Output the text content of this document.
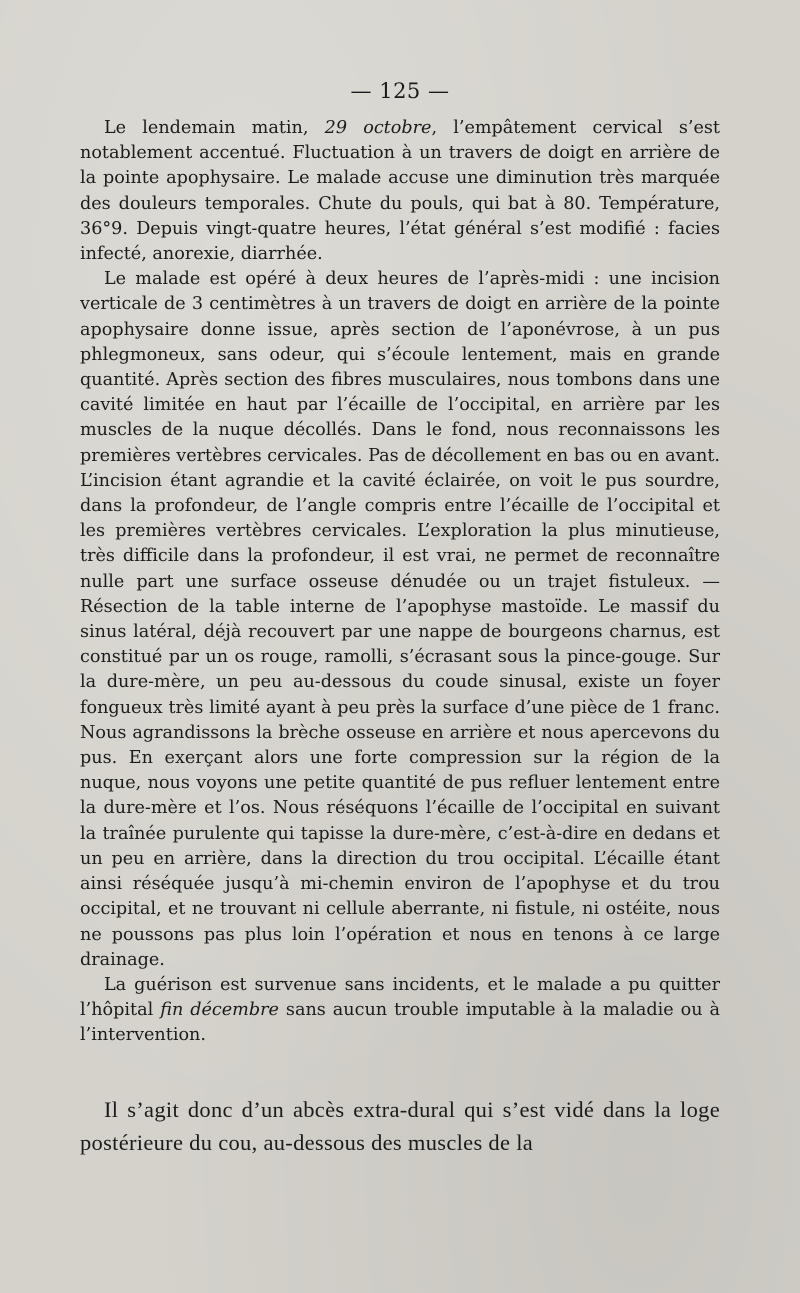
— 125 —

Le lendemain matin, 29 octobre, l’empâtement cervical s’est notablement accentué. Fluctuation à un travers de doigt en arrière de la pointe apophysaire. Le malade accuse une diminution très marquée des douleurs temporales. Chute du pouls, qui bat à 80. Température, 36°9. Depuis vingt-quatre heures, l’état général s’est modifié : facies infecté, anorexie, diarrhée.

Le malade est opéré à deux heures de l’après-midi : une incision verticale de 3 centimètres à un travers de doigt en arrière de la pointe apophysaire donne issue, après section de l’aponévrose, à un pus phlegmoneux, sans odeur, qui s’écoule lentement, mais en grande quantité. Après section des fibres musculaires, nous tombons dans une cavité limitée en haut par l’écaille de l’occipital, en arrière par les muscles de la nuque décollés. Dans le fond, nous reconnaissons les premières vertèbres cervicales. Pas de décollement en bas ou en avant. L’incision étant agrandie et la cavité éclairée, on voit le pus sourdre, dans la profondeur, de l’angle compris entre l’écaille de l’occipital et les premières vertèbres cervicales. L’exploration la plus minutieuse, très difficile dans la profondeur, il est vrai, ne permet de reconnaître nulle part une surface osseuse dénudée ou un trajet fistuleux. — Résection de la table interne de l’apophyse mastoïde. Le massif du sinus latéral, déjà recouvert par une nappe de bourgeons charnus, est constitué par un os rouge, ramolli, s’écrasant sous la pince-gouge. Sur la dure-mère, un peu au-dessous du coude sinusal, existe un foyer fongueux très limité ayant à peu près la surface d’une pièce de 1 franc. Nous agrandissons la brèche osseuse en arrière et nous apercevons du pus. En exerçant alors une forte compression sur la région de la nuque, nous voyons une petite quantité de pus refluer lentement entre la dure-mère et l’os. Nous réséquons l’écaille de l’occipital en suivant la traînée purulente qui tapisse la dure-mère, c’est-à-dire en dedans et un peu en arrière, dans la direction du trou occipital. L’écaille étant ainsi réséquée jusqu’à mi-chemin environ de l’apophyse et du trou occipital, et ne trouvant ni cellule aberrante, ni fistule, ni ostéite, nous ne poussons pas plus loin l’opération et nous en tenons à ce large drainage.

La guérison est survenue sans incidents, et le malade a pu quitter l’hôpital fin décembre sans aucun trouble imputable à la maladie ou à l’intervention.

Il s’agit donc d’un abcès extra-dural qui s’est vidé dans la loge postérieure du cou, au-dessous des muscles de la
